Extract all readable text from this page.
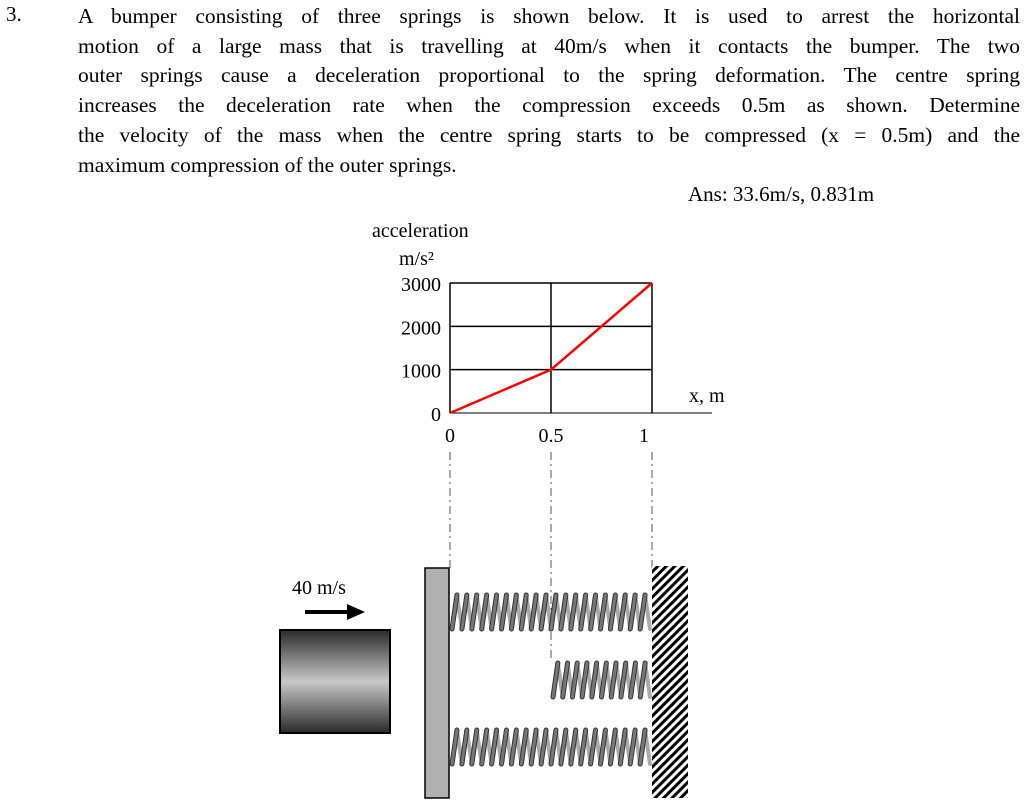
3.	A bumper consisting of three springs is shown below. It is used to arrest the horizontal
motion of a large mass that is travelling at 40m/s when it contacts the bumper. The two
outer springs cause a deceleration proportional to the spring deformation. The centre spring
increases the deceleration rate when the compression exceeds 0.5m as shown. Determine
the velocity of the mass when the centre spring starts to be compressed (x = 0.5m) and the
maximum compression of the outer springs.
Ans: 33.6m/s, 0.831m
acceleration
m/s²
x, m
0
1000
2000
3000
0	0.5	1
40 m/s
